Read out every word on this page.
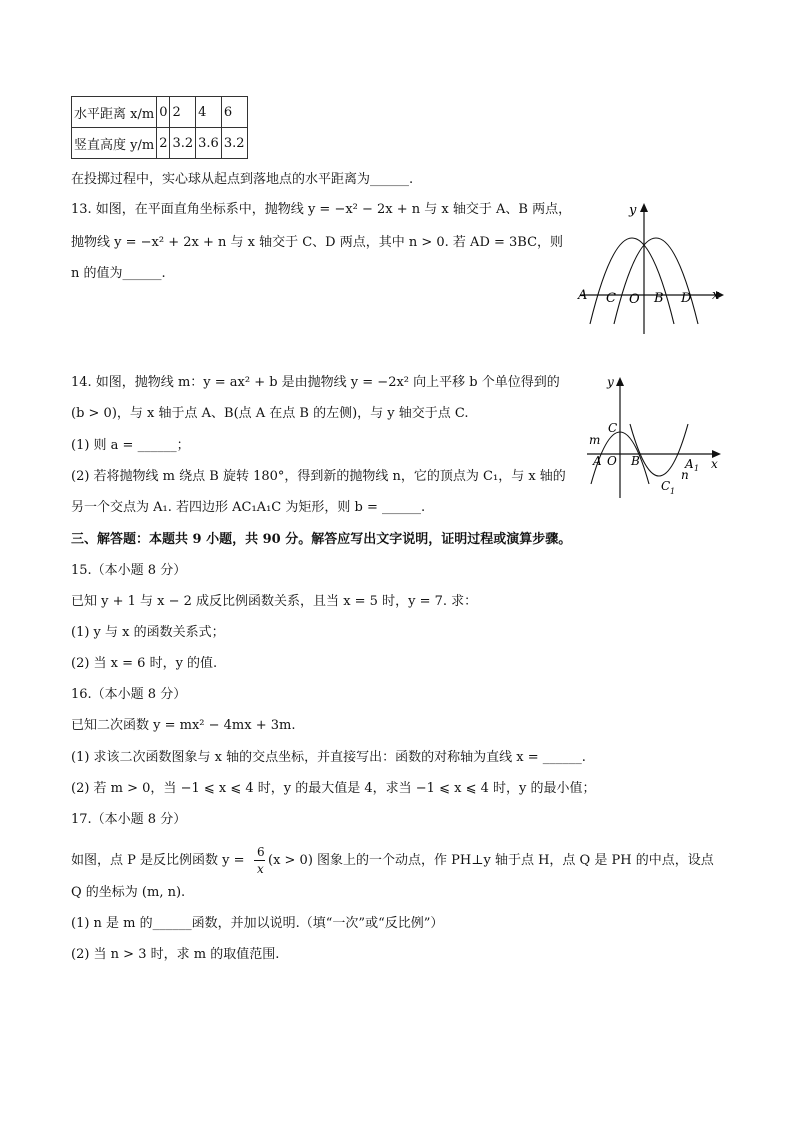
水平距离 x/m	0	2	4	6
竖直高度 y/m	2	3.2	3.6	3.2
在投掷过程中，实心球从起点到落地点的水平距离为______.
13. 如图，在平面直角坐标系中，抛物线 y = −x² − 2x + n 与 x 轴交于 A、B 两点，
抛物线 y = −x² + 2x + n 与 x 轴交于 C、D 两点，其中 n > 0. 若 AD = 3BC，则
n 的值为______.
y
x
A C O B D
14. 如图，抛物线 m：y = ax² + b 是由抛物线 y = −2x² 向上平移 b 个单位得到的
(b > 0)，与 x 轴于点 A、B(点 A 在点 B 的左侧)，与 y 轴交于点 C.
(1) 则 a = ______；
(2) 若将抛物线 m 绕点 B 旋转 180°，得到新的抛物线 n，它的顶点为 C₁，与 x 轴的
另一个交点为 A₁. 若四边形 AC₁A₁C 为矩形，则 b = ______.
y
x
m
C
A O B	A 1
n
C 1
三、解答题：本题共 9 小题，共 90 分。解答应写出文字说明，证明过程或演算步骤。
15.（本小题 8 分）
已知 y + 1 与 x − 2 成反比例函数关系，且当 x = 5 时，y = 7. 求：
(1) y 与 x 的函数关系式；
(2) 当 x = 6 时，y 的值.
16.（本小题 8 分）
已知二次函数 y = mx² − 4mx + 3m.
(1) 求该二次函数图象与 x 轴的交点坐标，并直接写出：函数的对称轴为直线 x = ______.
(2) 若 m > 0，当 −1 ⩽ x ⩽ 4 时，y 的最大值是 4，求当 −1 ⩽ x ⩽ 4 时，y 的最小值；
17.（本小题 8 分）
如图，点 P 是反比例函数 y =
6
x
(x > 0) 图象上的一个动点，作 PH⊥y 轴于点 H，点 Q 是 PH 的中点，设点
Q 的坐标为 (m, n).
(1) n 是 m 的______函数，并加以说明.（填“一次”或“反比例”）
(2) 当 n > 3 时，求 m 的取值范围.
